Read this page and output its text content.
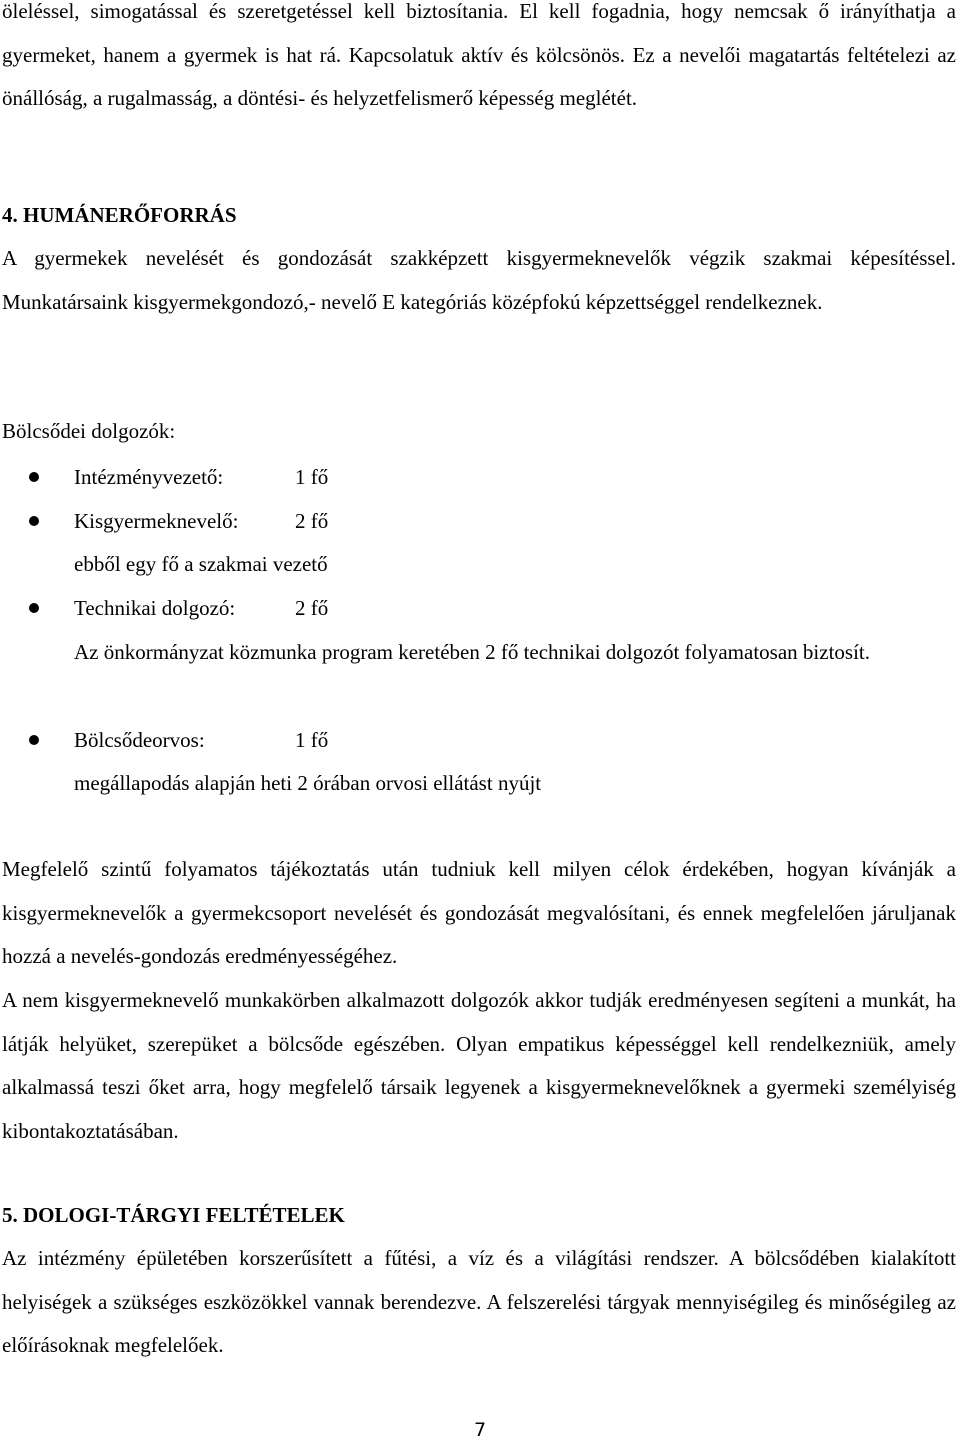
öleléssel, simogatással és szeretgetéssel kell biztosítania. El kell fogadnia, hogy nemcsak ő irányíthatja a gyermeket, hanem a gyermek is hat rá. Kapcsolatuk aktív és kölcsönös. Ez a nevelői magatartás feltételezi az önállóság, a rugalmasság, a döntési- és helyzetfelismerő képesség meglétét.

4. HUMÁNERŐFORRÁS

A gyermekek nevelését és gondozását szakképzett kisgyermeknevelők végzik szakmai képesítéssel. Munkatársaink kisgyermekgondozó,- nevelő E kategóriás középfokú képzettséggel rendelkeznek.

Bölcsődei dolgozók:

Intézményvezető:	1 fő
Kisgyermeknevelő:	2 fő

ebből egy fő a szakmai vezető

Technikai dolgozó:	2 fő

Az önkormányzat közmunka program keretében 2 fő technikai dolgozót folyamatosan biztosít.

Bölcsődeorvos:	1 fő

megállapodás alapján heti 2 órában orvosi ellátást nyújt

Megfelelő szintű folyamatos tájékoztatás után tudniuk kell milyen célok érdekében, hogyan kívánják a kisgyermeknevelők a gyermekcsoport nevelését és gondozását megvalósítani, és ennek megfelelően járuljanak hozzá a nevelés-gondozás eredményességéhez.

A nem kisgyermeknevelő munkakörben alkalmazott dolgozók akkor tudják eredményesen segíteni a munkát, ha látják helyüket, szerepüket a bölcsőde egészében. Olyan empatikus képességgel kell rendelkezniük, amely alkalmassá teszi őket arra, hogy megfelelő társaik legyenek a kisgyermeknevelőknek a gyermeki személyiség kibontakoztatásában.

5. DOLOGI-TÁRGYI FELTÉTELEK

Az intézmény épületében korszerűsített a fűtési, a víz és a világítási rendszer. A bölcsődében kialakított helyiségek a szükséges eszközökkel vannak berendezve. A felszerelési tárgyak mennyiségileg és minőségileg az előírásoknak megfelelőek.

7
